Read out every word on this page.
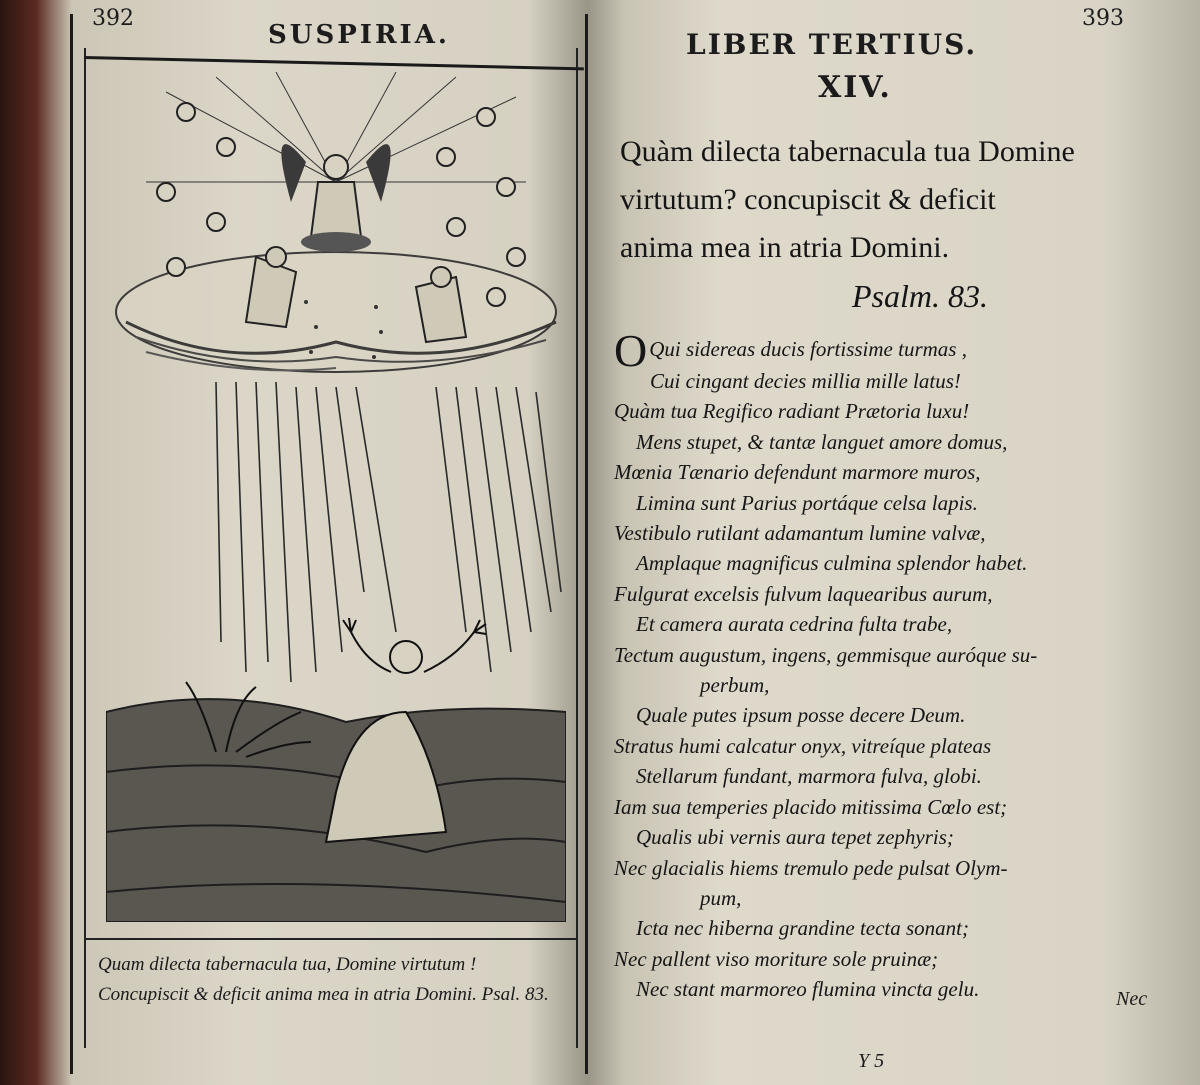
392
SUSPIRIA.
Quam dilecta tabernacula tua, Domine virtutum ! Concupiscit & deficit anima mea in atria Domini. Psal. 83.
LIBER TERTIUS.
393
XIV.
Quàm dilecta tabernacula tua Domine
virtutum? concupiscit & deficit
anima mea in atria Domini.
Psalm. 83.
OQui sidereas ducis fortissime turmas ,
Cui cingant decies millia mille latus!
Quàm tua Regifico radiant Prætoria luxu!
Mens stupet, & tantæ languet amore domus,
Mœnia Tænario defendunt marmore muros,
Limina sunt Parius portáque celsa lapis.
Vestibulo rutilant adamantum lumine valvæ,
Amplaque magnificus culmina splendor habet.
Fulgurat excelsis fulvum laquearibus aurum,
Et camera aurata cedrina fulta trabe,
Tectum augustum, ingens, gemmisque auróque su-
perbum,
Quale putes ipsum posse decere Deum.
Stratus humi calcatur onyx, vitreíque plateas
Stellarum fundant, marmora fulva, globi.
Iam sua temperies placido mitissima Cœlo est;
Qualis ubi vernis aura tepet zephyris;
Nec glacialis hiems tremulo pede pulsat Olym-
pum,
Icta nec hiberna grandine tecta sonant;
Nec pallent viso moriture sole pruinæ;
Nec stant marmoreo flumina vincta gelu.
Y 5
Nec
